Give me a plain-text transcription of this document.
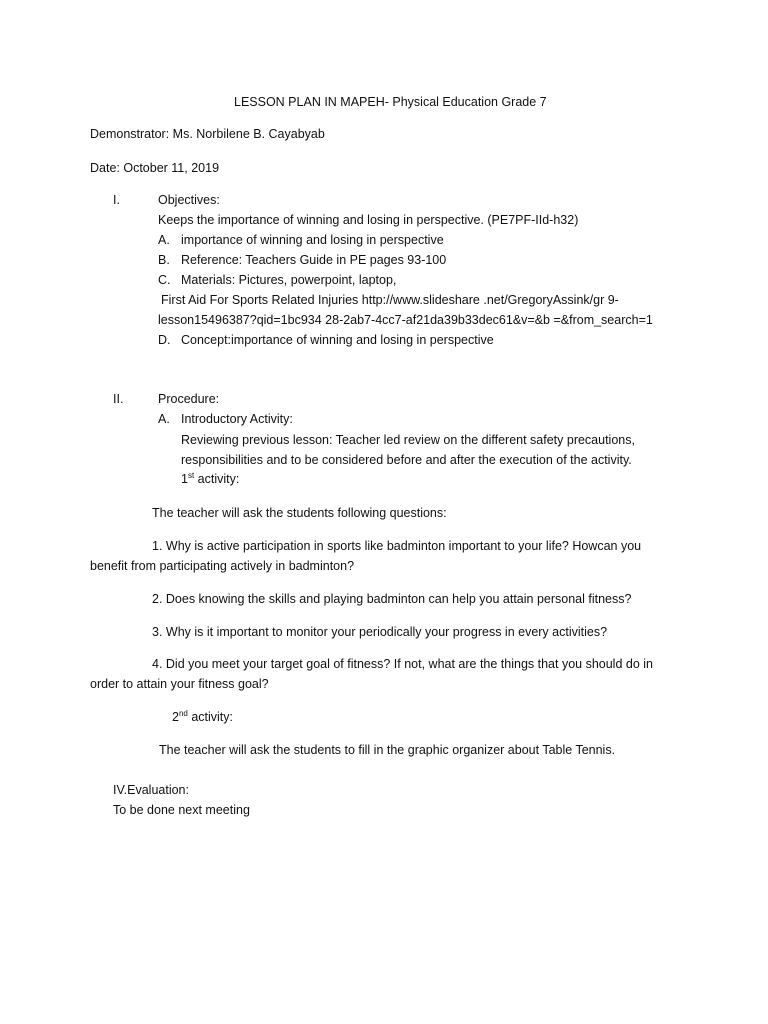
LESSON PLAN IN MAPEH- Physical Education Grade 7
Demonstrator: Ms. Norbilene B. Cayabyab
Date: October 11, 2019
I.	Objectives:
Keeps the importance of winning and losing in perspective. (PE7PF-IId-h32)
A. importance of winning and losing in perspective
B. Reference: Teachers Guide in PE pages 93-100
C. Materials: Pictures, powerpoint, laptop,
First Aid For Sports Related Injuries http://www.slideshare .net/GregoryAssink/gr 9-
lesson15496387?qid=1bc934 28-2ab7-4cc7-af21da39b33dec61&v=&b =&from_search=1
D. Concept:importance of winning and losing in perspective
II.	Procedure:
A. Introductory Activity:
Reviewing previous lesson: Teacher led review on the different safety precautions,
responsibilities and to be considered before and after the execution of the activity.
1st activity:
The teacher will ask the students following questions:
1. Why is active participation in sports like badminton important to your life? Howcan you
benefit from participating actively in badminton?
2. Does knowing the skills and playing badminton can help you attain personal fitness?
3. Why is it important to monitor your periodically your progress in every activities?
4. Did you meet your target goal of fitness? If not, what are the things that you should do in
order to attain your fitness goal?
2nd activity:
The teacher will ask the students to fill in the graphic organizer about Table Tennis.
IV.Evaluation:
To be done next meeting
